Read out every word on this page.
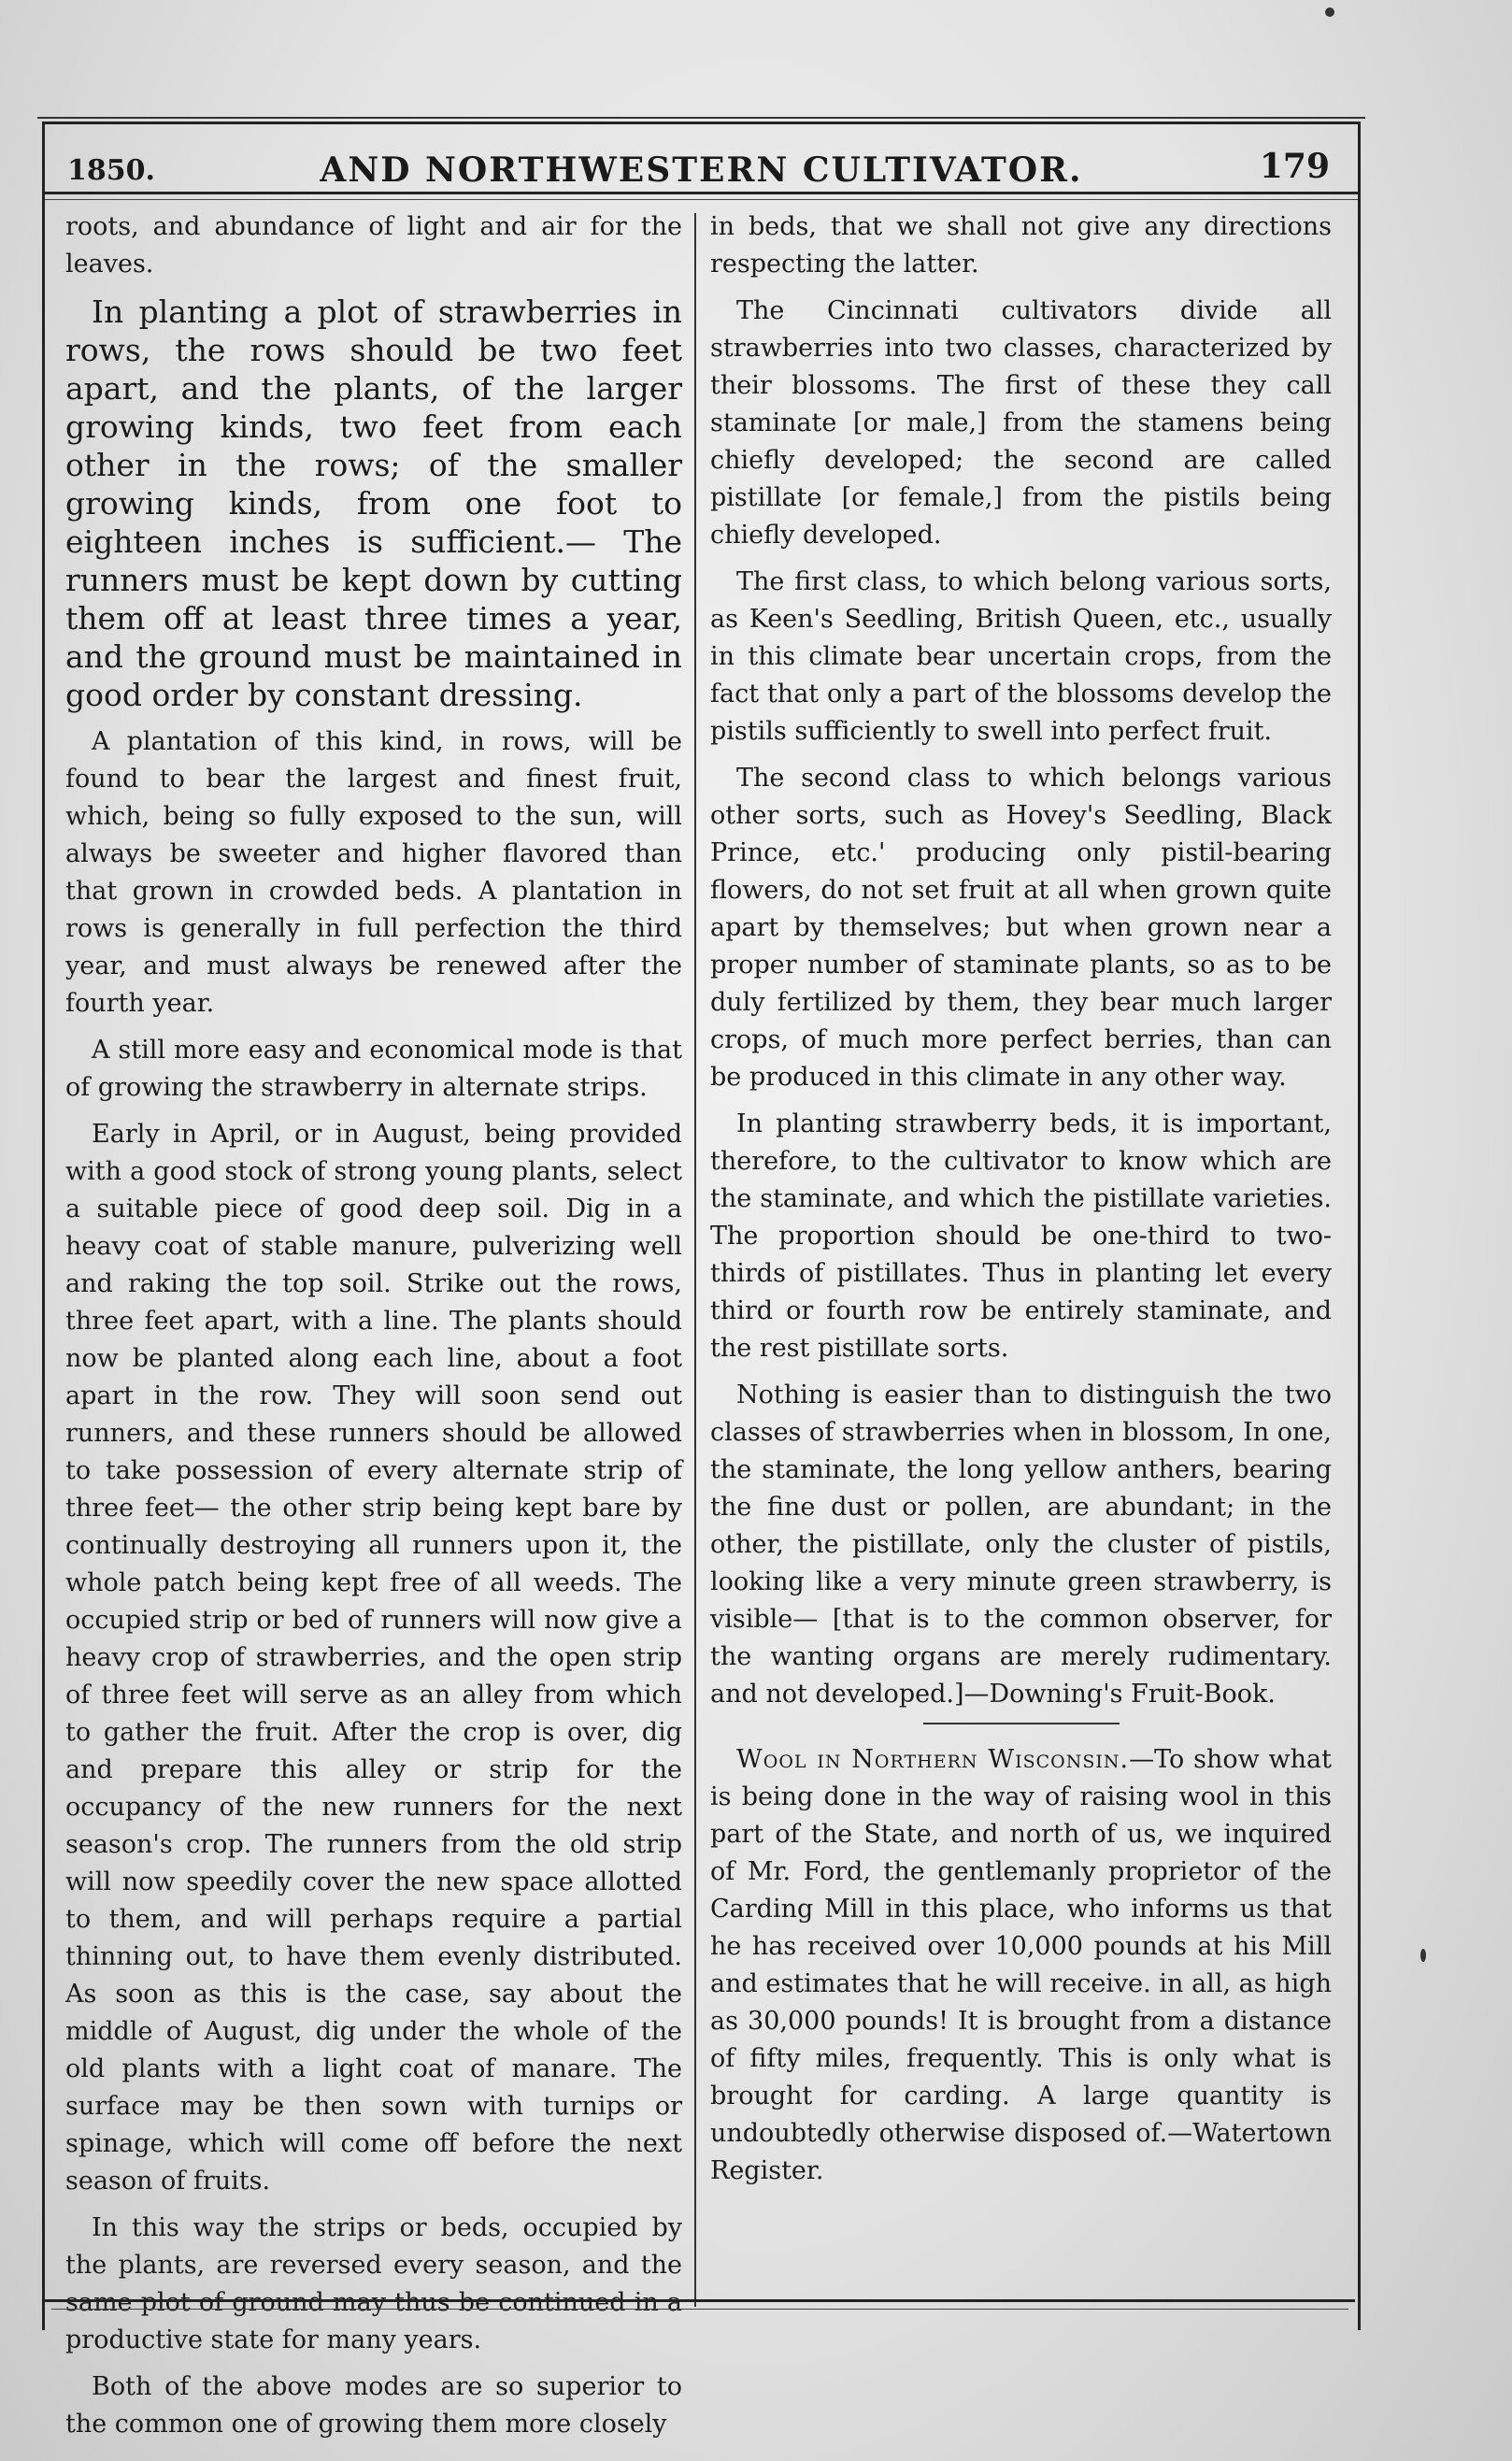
1850.	AND NORTHWESTERN CULTIVATOR.	179

roots, and abundance of light and air for the leaves.

In planting a plot of strawberries in rows, the rows should be two feet apart, and the plants, of the larger growing kinds, two feet from each other in the rows; of the smaller growing kinds, from one foot to eighteen inches is sufficient.— The runners must be kept down by cutting them off at least three times a year, and the ground must be maintained in good order by constant dressing.

A plantation of this kind, in rows, will be found to bear the largest and finest fruit, which, being so fully exposed to the sun, will always be sweeter and higher flavored than that grown in crowded beds. A plantation in rows is generally in full perfection the third year, and must always be renewed after the fourth year.

A still more easy and economical mode is that of growing the strawberry in alternate strips.

Early in April, or in August, being provided with a good stock of strong young plants, select a suitable piece of good deep soil. Dig in a heavy coat of stable manure, pulverizing well and raking the top soil. Strike out the rows, three feet apart, with a line. The plants should now be planted along each line, about a foot apart in the row. They will soon send out runners, and these runners should be allowed to take possession of every alternate strip of three feet— the other strip being kept bare by continually destroying all runners upon it, the whole patch being kept free of all weeds. The occupied strip or bed of runners will now give a heavy crop of strawberries, and the open strip of three feet will serve as an alley from which to gather the fruit. After the crop is over, dig and prepare this alley or strip for the occupancy of the new runners for the next season's crop. The runners from the old strip will now speedily cover the new space allotted to them, and will perhaps require a partial thinning out, to have them evenly distributed. As soon as this is the case, say about the middle of August, dig under the whole of the old plants with a light coat of manare. The surface may be then sown with turnips or spinage, which will come off before the next season of fruits.

In this way the strips or beds, occupied by the plants, are reversed every season, and the same plot of ground may thus be continued in a productive state for many years.

Both of the above modes are so superior to the common one of growing them more closely

in beds, that we shall not give any directions respecting the latter.

The Cincinnati cultivators divide all strawberries into two classes, characterized by their blossoms. The first of these they call staminate [or male,] from the stamens being chiefly developed; the second are called pistillate [or female,] from the pistils being chiefly developed.

The first class, to which belong various sorts, as Keen's Seedling, British Queen, etc., usually in this climate bear uncertain crops, from the fact that only a part of the blossoms develop the pistils sufficiently to swell into perfect fruit.

The second class to which belongs various other sorts, such as Hovey's Seedling, Black Prince, etc.' producing only pistil-bearing flowers, do not set fruit at all when grown quite apart by themselves; but when grown near a proper number of staminate plants, so as to be duly fertilized by them, they bear much larger crops, of much more perfect berries, than can be produced in this climate in any other way.

In planting strawberry beds, it is important, therefore, to the cultivator to know which are the staminate, and which the pistillate varieties. The proportion should be one-third to two-thirds of pistillates. Thus in planting let every third or fourth row be entirely staminate, and the rest pistillate sorts.

Nothing is easier than to distinguish the two classes of strawberries when in blossom, In one, the staminate, the long yellow anthers, bearing the fine dust or pollen, are abundant; in the other, the pistillate, only the cluster of pistils, looking like a very minute green strawberry, is visible— [that is to the common observer, for the wanting organs are merely rudimentary. and not developed.]—Downing's Fruit-Book.

Wool in Northern Wisconsin.—To show what is being done in the way of raising wool in this part of the State, and north of us, we inquired of Mr. Ford, the gentlemanly proprietor of the Carding Mill in this place, who informs us that he has received over 10,000 pounds at his Mill and estimates that he will receive. in all, as high as 30,000 pounds! It is brought from a distance of fifty miles, frequently. This is only what is brought for carding. A large quantity is undoubtedly otherwise disposed of.—Watertown Register.
